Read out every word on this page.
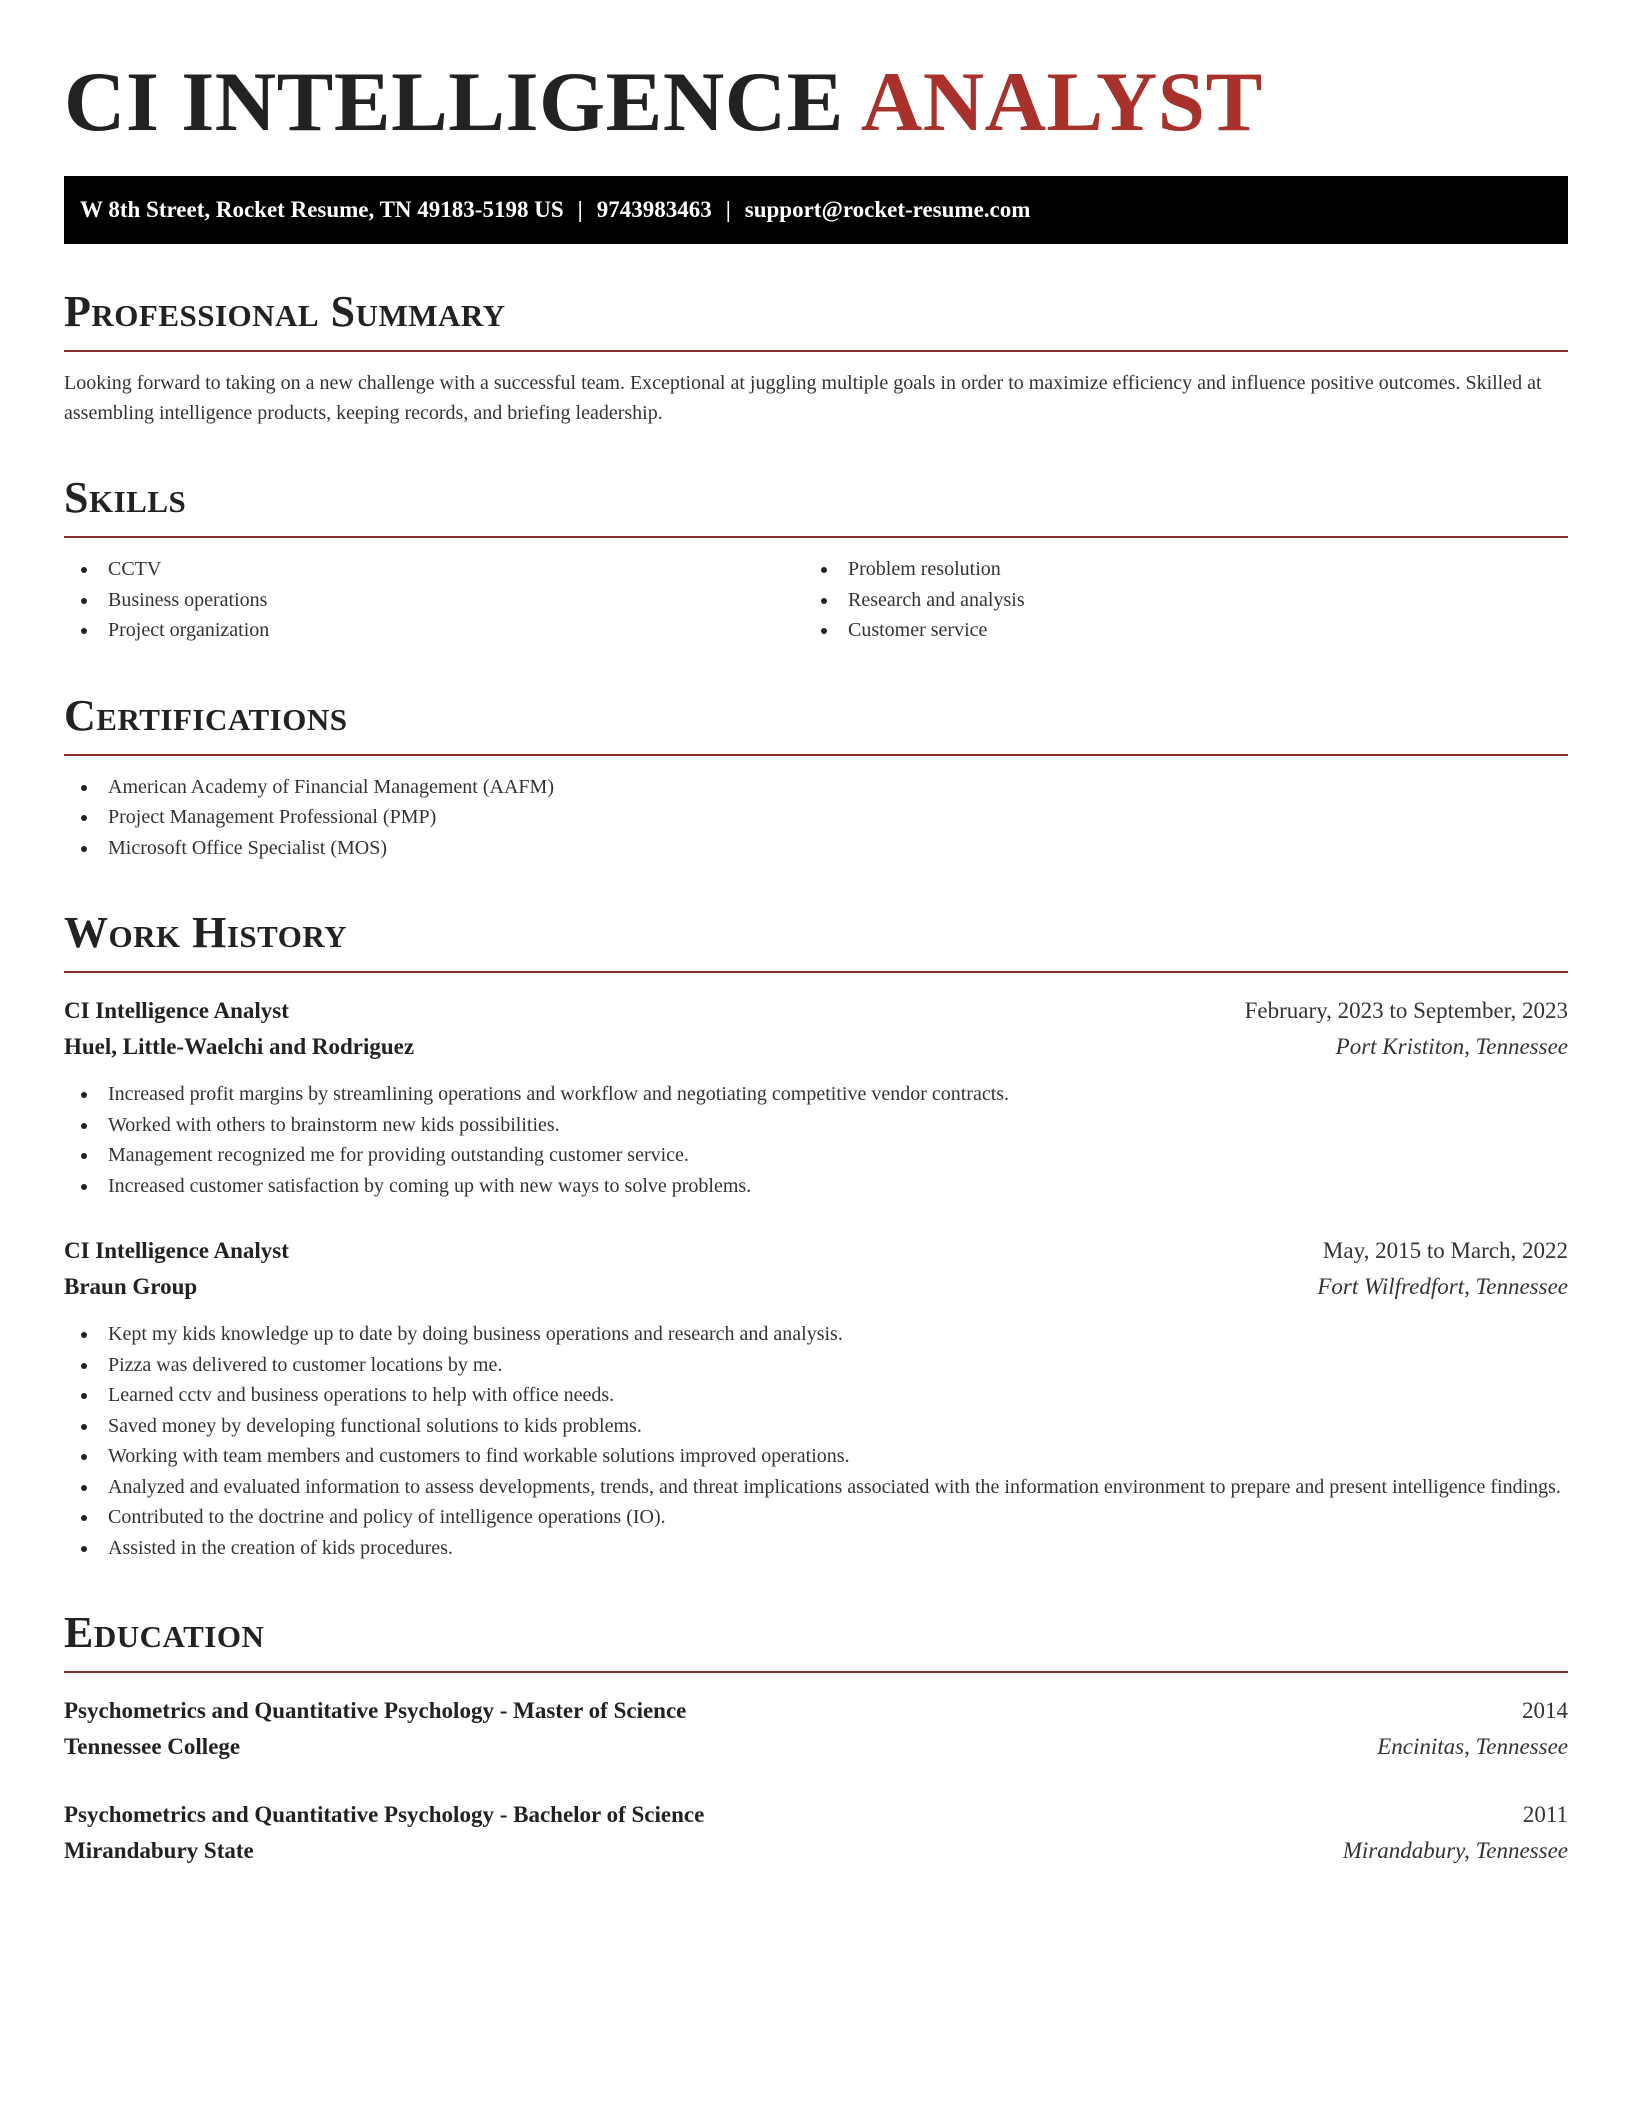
CI INTELLIGENCE ANALYST
W 8th Street, Rocket Resume, TN 49183-5198 US | 9743983463 | support@rocket-resume.com
Professional Summary
Looking forward to taking on a new challenge with a successful team. Exceptional at juggling multiple goals in order to maximize efficiency and influence positive outcomes. Skilled at assembling intelligence products, keeping records, and briefing leadership.
Skills
CCTV
Business operations
Project organization
Problem resolution
Research and analysis
Customer service
Certifications
American Academy of Financial Management (AAFM)
Project Management Professional (PMP)
Microsoft Office Specialist (MOS)
Work History
CI Intelligence Analyst	February, 2023 to September, 2023
Huel, Little-Waelchi and Rodriguez	Port Kristiton, Tennessee
Increased profit margins by streamlining operations and workflow and negotiating competitive vendor contracts.
Worked with others to brainstorm new kids possibilities.
Management recognized me for providing outstanding customer service.
Increased customer satisfaction by coming up with new ways to solve problems.
CI Intelligence Analyst	May, 2015 to March, 2022
Braun Group	Fort Wilfredfort, Tennessee
Kept my kids knowledge up to date by doing business operations and research and analysis.
Pizza was delivered to customer locations by me.
Learned cctv and business operations to help with office needs.
Saved money by developing functional solutions to kids problems.
Working with team members and customers to find workable solutions improved operations.
Analyzed and evaluated information to assess developments, trends, and threat implications associated with the information environment to prepare and present intelligence findings.
Contributed to the doctrine and policy of intelligence operations (IO).
Assisted in the creation of kids procedures.
Education
Psychometrics and Quantitative Psychology - Master of Science	2014
Tennessee College	Encinitas, Tennessee
Psychometrics and Quantitative Psychology - Bachelor of Science	2011
Mirandabury State	Mirandabury, Tennessee
